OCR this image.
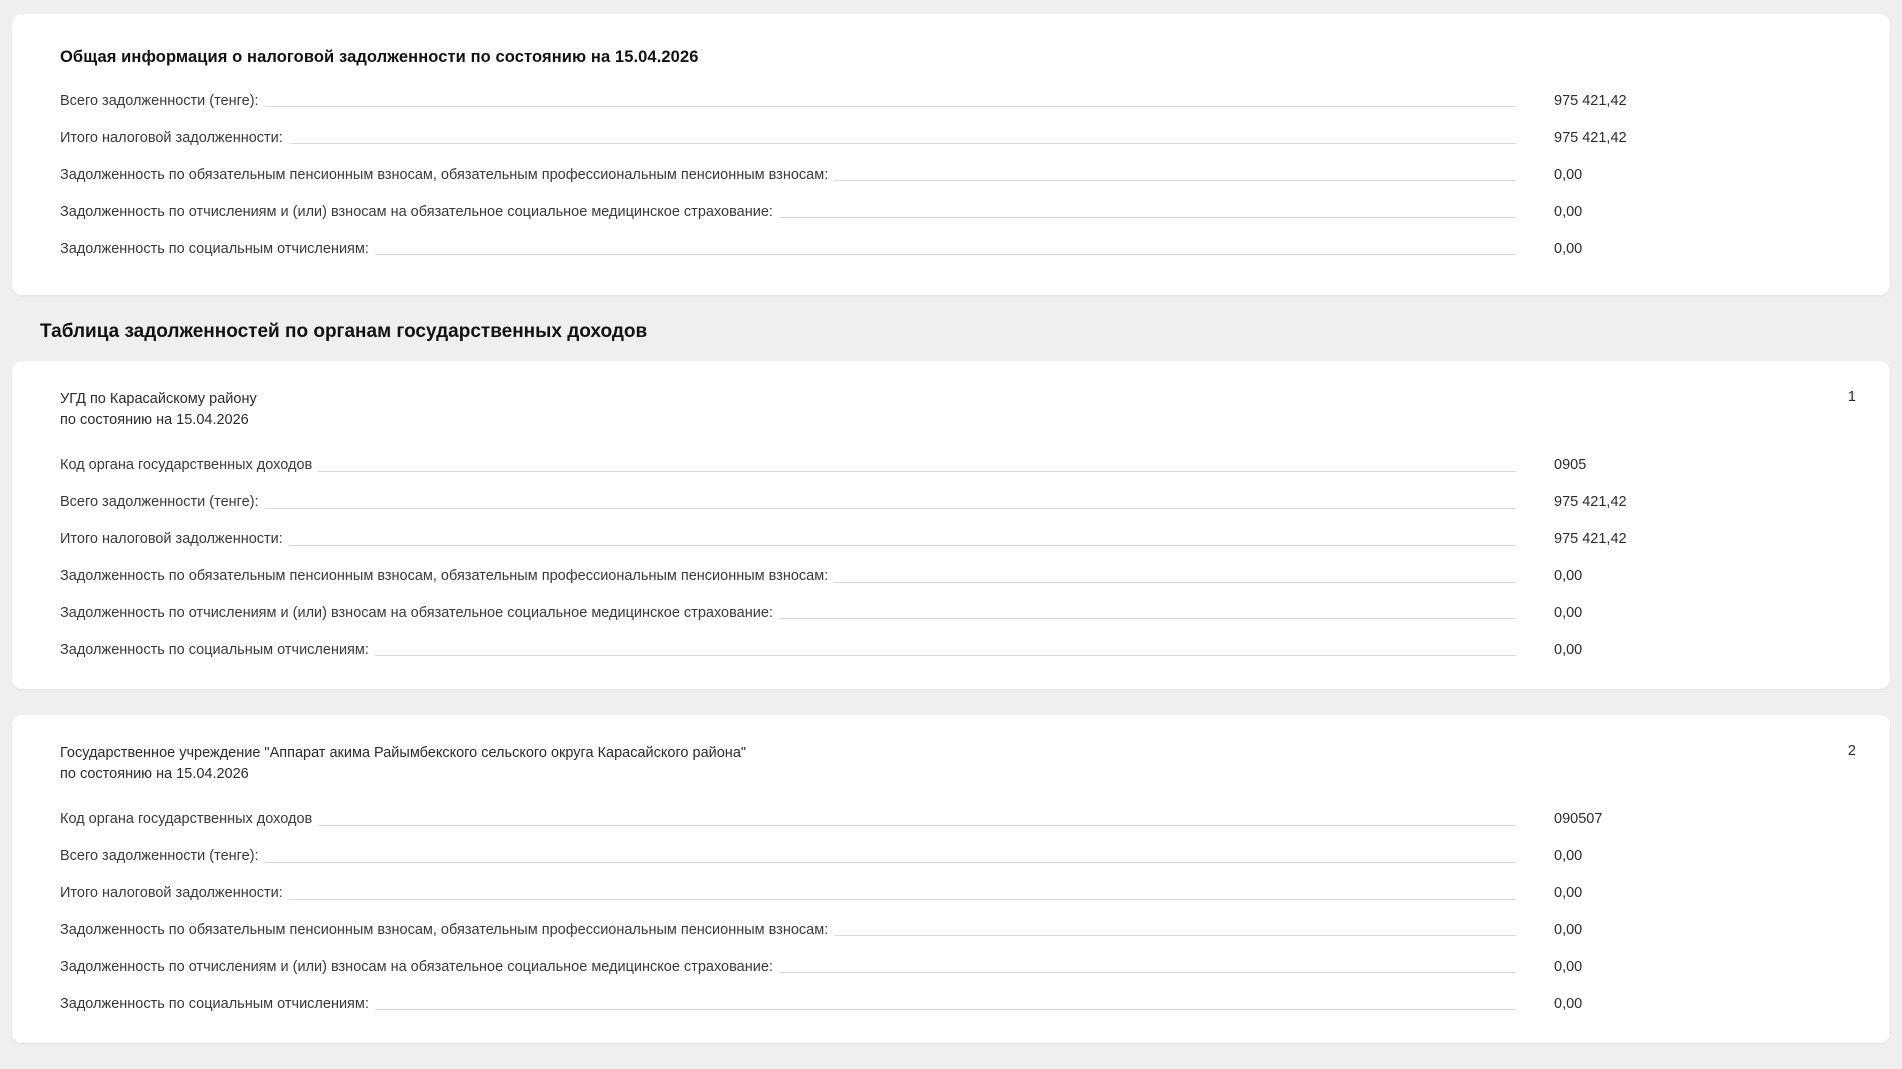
Общая информация о налоговой задолженности по состоянию на 15.04.2026
Всего задолженности (тенге):	975 421,42
Итого налоговой задолженности:	975 421,42
Задолженность по обязательным пенсионным взносам, обязательным профессиональным пенсионным взносам:	0,00
Задолженность по отчислениям и (или) взносам на обязательное социальное медицинское страхование:	0,00
Задолженность по социальным отчислениям:	0,00
Таблица задолженностей по органам государственных доходов
1
УГД по Карасайскому району
по состоянию на 15.04.2026
Код органа государственных доходов	0905
Всего задолженности (тенге):	975 421,42
Итого налоговой задолженности:	975 421,42
Задолженность по обязательным пенсионным взносам, обязательным профессиональным пенсионным взносам:	0,00
Задолженность по отчислениям и (или) взносам на обязательное социальное медицинское страхование:	0,00
Задолженность по социальным отчислениям:	0,00
2
Государственное учреждение "Аппарат акима Райымбекского сельского округа Карасайского района"
по состоянию на 15.04.2026
Код органа государственных доходов	090507
Всего задолженности (тенге):	0,00
Итого налоговой задолженности:	0,00
Задолженность по обязательным пенсионным взносам, обязательным профессиональным пенсионным взносам:	0,00
Задолженность по отчислениям и (или) взносам на обязательное социальное медицинское страхование:	0,00
Задолженность по социальным отчислениям:	0,00
